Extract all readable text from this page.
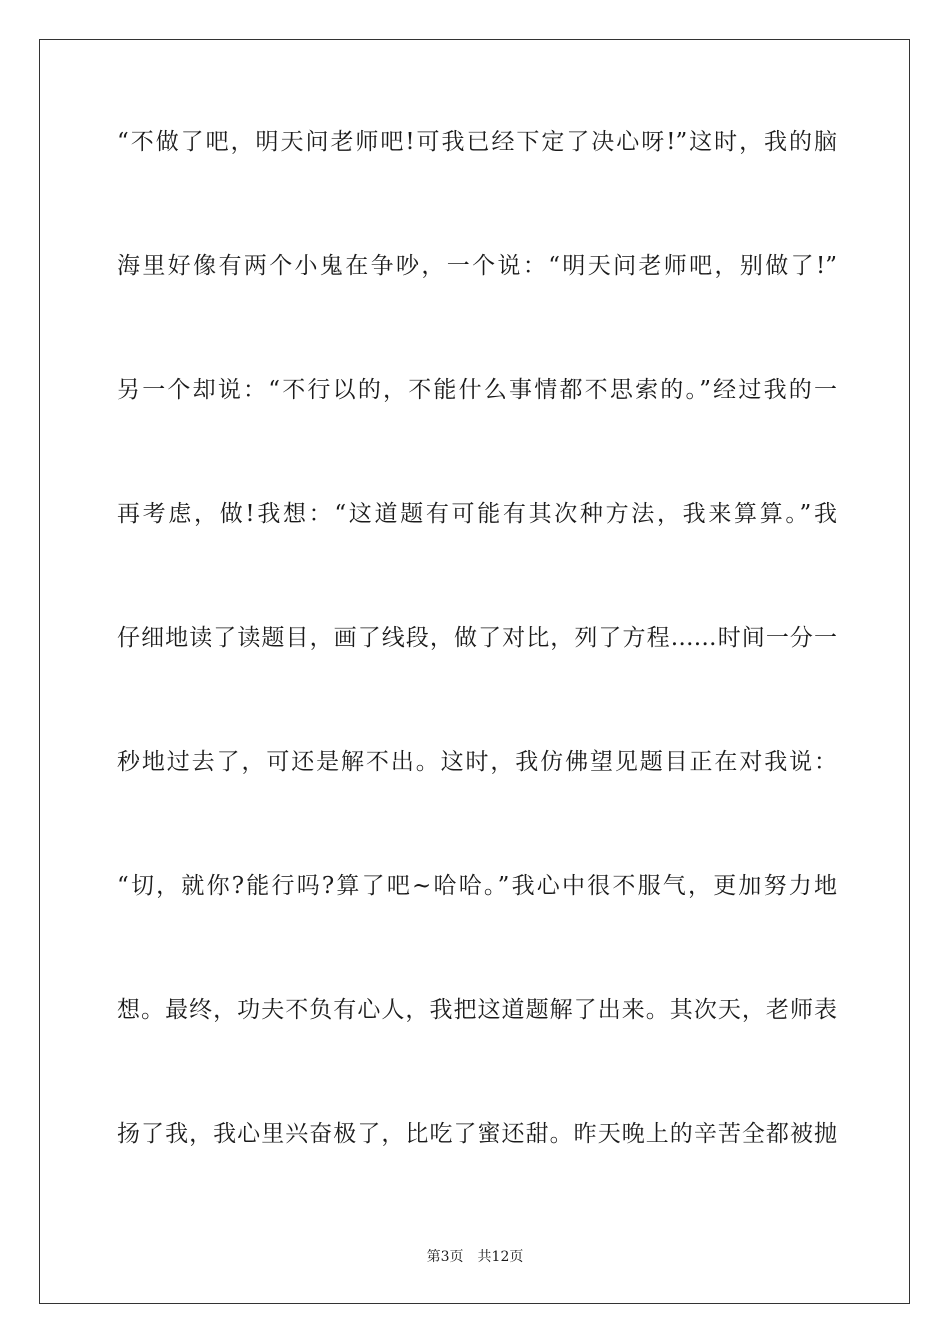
“不做了吧，明天问老师吧!可我已经下定了决心呀!”这时，我的脑
海里好像有两个小鬼在争吵，一个说：“明天问老师吧，别做了!”
另一个却说：“不行以的，不能什么事情都不思索的。”经过我的一
再考虑，做!我想：“这道题有可能有其次种方法，我来算算。”我
仔细地读了读题目，画了线段，做了对比，列了方程……时间一分一
秒地过去了，可还是解不出。这时，我仿佛望见题目正在对我说：
“切，就你?能行吗?算了吧~哈哈。”我心中很不服气，更加努力地
想。最终，功夫不负有心人，我把这道题解了出来。其次天，老师表
扬了我，我心里兴奋极了，比吃了蜜还甜。昨天晚上的辛苦全都被抛
第3页 共12页
